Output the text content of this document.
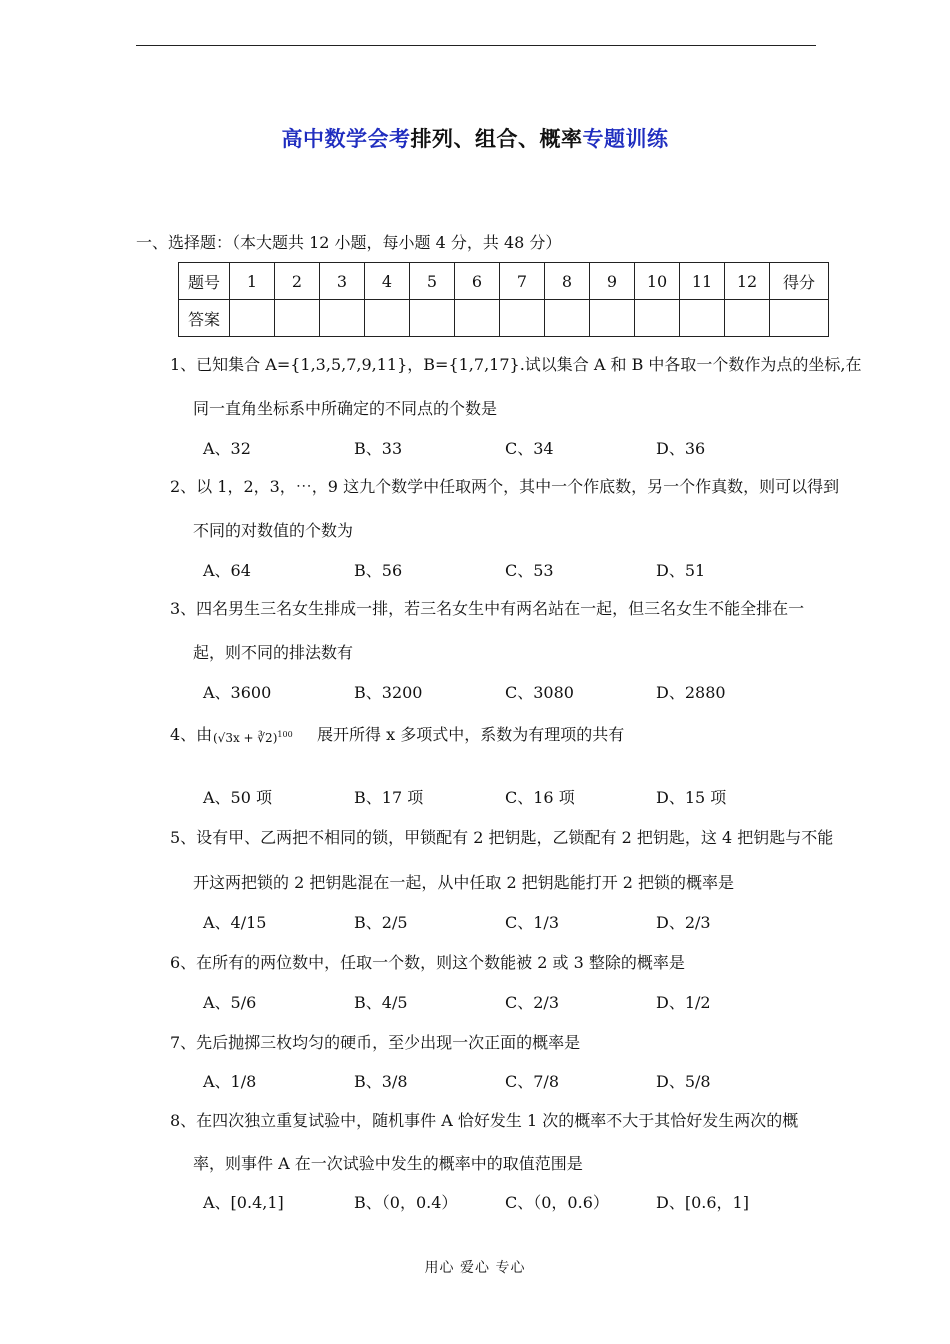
高中数学会考排列、组合、概率专题训练
一、选择题：（本大题共 12 小题，每小题 4 分，共 48 分）
题号	1	2	3	4	5	6	7	8	9	10	11	12	得分
答案													
1、已知集合 A={1,3,5,7,9,11}，B={1,7,17}.试以集合 A 和 B 中各取一个数作为点的坐标,在
同一直角坐标系中所确定的不同点的个数是
A、32	B、33	C、34	D、36
2、以 1，2，3，⋯，9 这九个数学中任取两个，其中一个作底数，另一个作真数，则可以得到
不同的对数值的个数为
A、64	B、56	C、53	D、51
3、四名男生三名女生排成一排，若三名女生中有两名站在一起，但三名女生不能全排在一
起，则不同的排法数有
A、3600	B、3200	C、3080	D、2880
4、由 (√3x + ∛2)$^{100}$ 展开所得 x 多项式中，系数为有理项的共有
A、50 项	B、17 项	C、16 项	D、15 项
5、设有甲、乙两把不相同的锁，甲锁配有 2 把钥匙，乙锁配有 2 把钥匙，这 4 把钥匙与不能
开这两把锁的 2 把钥匙混在一起，从中任取 2 把钥匙能打开 2 把锁的概率是
A、4/15	B、2/5	C、1/3	D、2/3
6、在所有的两位数中，任取一个数，则这个数能被 2 或 3 整除的概率是
A、5/6	B、4/5	C、2/3	D、1/2
7、先后抛掷三枚均匀的硬币，至少出现一次正面的概率是
A、1/8	B、3/8	C、7/8	D、5/8
8、在四次独立重复试验中，随机事件 A 恰好发生 1 次的概率不大于其恰好发生两次的概
率，则事件 A 在一次试验中发生的概率中的取值范围是
A、[0.4,1]	B、（0，0.4）	C、（0，0.6）	D、[0.6，1]
用心 爱心 专心
